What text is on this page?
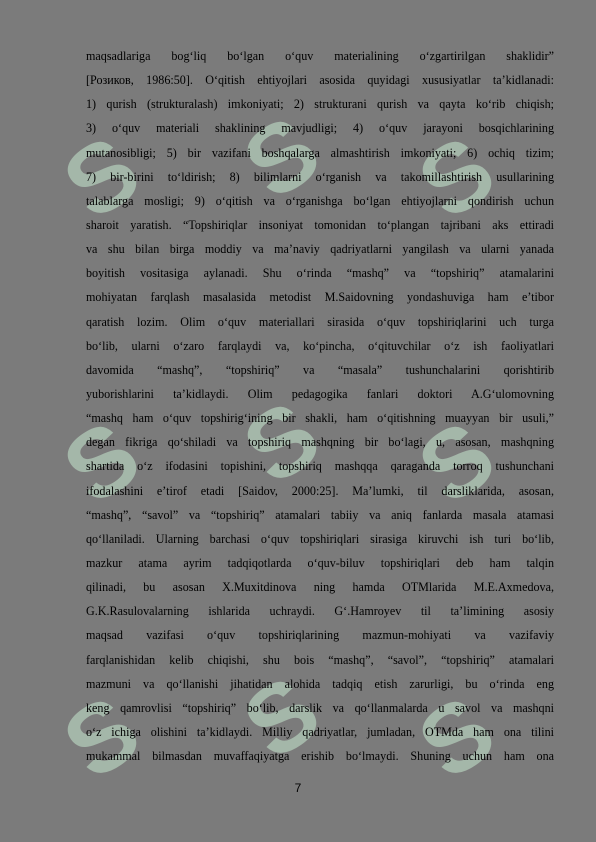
S S S
S S S
S S S
maqsadlariga bog‘liq bo‘lgan o‘quv materialining o‘zgartirilgan shaklidir”
[Розиков, 1986:50]. O‘qitish ehtiyojlari asosida quyidagi xususiyatlar ta’kidlanadi:
1) qurish (strukturalash) imkoniyati; 2) strukturani qurish va qayta ko‘rib chiqish;
3) o‘quv materiali shaklining mavjudligi; 4) o‘quv jarayoni bosqichlarining
mutanosibligi; 5) bir vazifani boshqalarga almashtirish imkoniyati; 6) ochiq tizim;
7) bir-birini to‘ldirish; 8) bilimlarni o‘rganish va takomillashtirish usullarining
talablarga mosligi; 9) o‘qitish va o‘rganishga bo‘lgan ehtiyojlarni qondirish uchun
sharoit yaratish. “Topshiriqlar insoniyat tomonidan to‘plangan tajribani aks ettiradi
va shu bilan birga moddiy va ma’naviy qadriyatlarni yangilash va ularni yanada
boyitish vositasiga aylanadi. Shu o‘rinda “mashq” va “topshiriq” atamalarini
mohiyatan farqlash masalasida metodist M.Saidovning yondashuviga ham e’tibor
qaratish lozim. Olim o‘quv materiallari sirasida o‘quv topshiriqlarini uch turga
bo‘lib, ularni o‘zaro farqlaydi va, ko‘pincha, o‘qituvchilar o‘z ish faoliyatlari
davomida “mashq”, “topshiriq” va “masala” tushunchalarini qorishtirib
yuborishlarini ta’kidlaydi. Olim pedagogika fanlari doktori A.G‘ulomovning
“mashq ham o‘quv topshirig‘ining bir shakli, ham o‘qitishning muayyan bir usuli,”
degan fikriga qo‘shiladi va topshiriq mashqning bir bo‘lagi, u, asosan, mashqning
shartida o‘z ifodasini topishini, topshiriq mashqqa qaraganda torroq tushunchani
ifodalashini e’tirof etadi [Saidov, 2000:25]. Ma’lumki, til darsliklarida, asosan,
“mashq”, “savol” va “topshiriq” atamalari tabiiy va aniq fanlarda masala atamasi
qo‘llaniladi. Ularning barchasi o‘quv topshiriqlari sirasiga kiruvchi ish turi bo‘lib,
mazkur atama ayrim tadqiqotlarda o‘quv-biluv topshiriqlari deb ham talqin
qilinadi, bu asosan X.Muxitdinova ning hamda OTMlarida M.E.Axmedova,
G.K.Rasulovalarning ishlarida uchraydi. G‘.Hamroyev til ta’limining asosiy
maqsad vazifasi o‘quv topshiriqlarining mazmun-mohiyati va vazifaviy
farqlanishidan kelib chiqishi, shu bois “mashq”, “savol”, “topshiriq” atamalari
mazmuni va qo‘llanishi jihatidan alohida tadqiq etish zarurligi, bu o‘rinda eng
keng qamrovlisi “topshiriq” bo‘lib, darslik va qo‘llanmalarda u savol va mashqni
o‘z ichiga olishini ta’kidlaydi. Milliy qadriyatlar, jumladan, OTMda ham ona tilini
mukammal bilmasdan muvaffaqiyatga erishib bo‘lmaydi. Shuning uchun ham ona
7
